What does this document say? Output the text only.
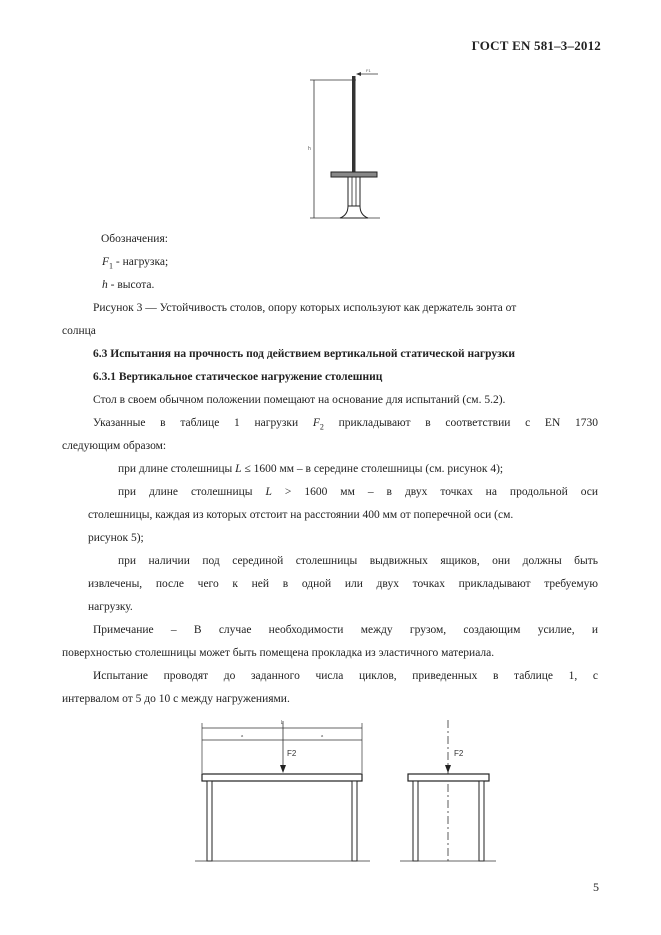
ГОСТ EN 581–3–2012
h
F1
Обозначения:
$F_1$ - нагрузка;
h - высота.
Рисунок 3 — Устойчивость столов, опору которых используют как держатель зонта от
солнца
6.3 Испытания на прочность под действием вертикальной статической нагрузки
6.3.1 Вертикальное статическое нагружение столешниц
Стол в своем обычном положении помещают на основание для испытаний (см. 5.2).
Указанные в таблице 1 нагрузки $F_2$ прикладывают в соответствии с EN 1730
следующим образом:
при длине столешницы L ≤ 1600 мм – в середине столешницы (см. рисунок 4);
при длине столешницы L > 1600 мм – в двух точках на продольной оси
столешницы, каждая из которых отстоит на расстоянии 400 мм от поперечной оси (см.
рисунок 5);
при наличии под серединой столешницы выдвижных ящиков, они должны быть
извлечены, после чего к ней в одной или двух точках прикладывают требуемую
нагрузку.
Примечание – В случае необходимости между грузом, создающим усилие, и
поверхностью столешницы может быть помещена прокладка из эластичного материала.
Испытание проводят до заданного числа циклов, приведенных в таблице 1, с
интервалом от 5 до 10 с между нагружениями.
L
a	a
F2	F2
5
